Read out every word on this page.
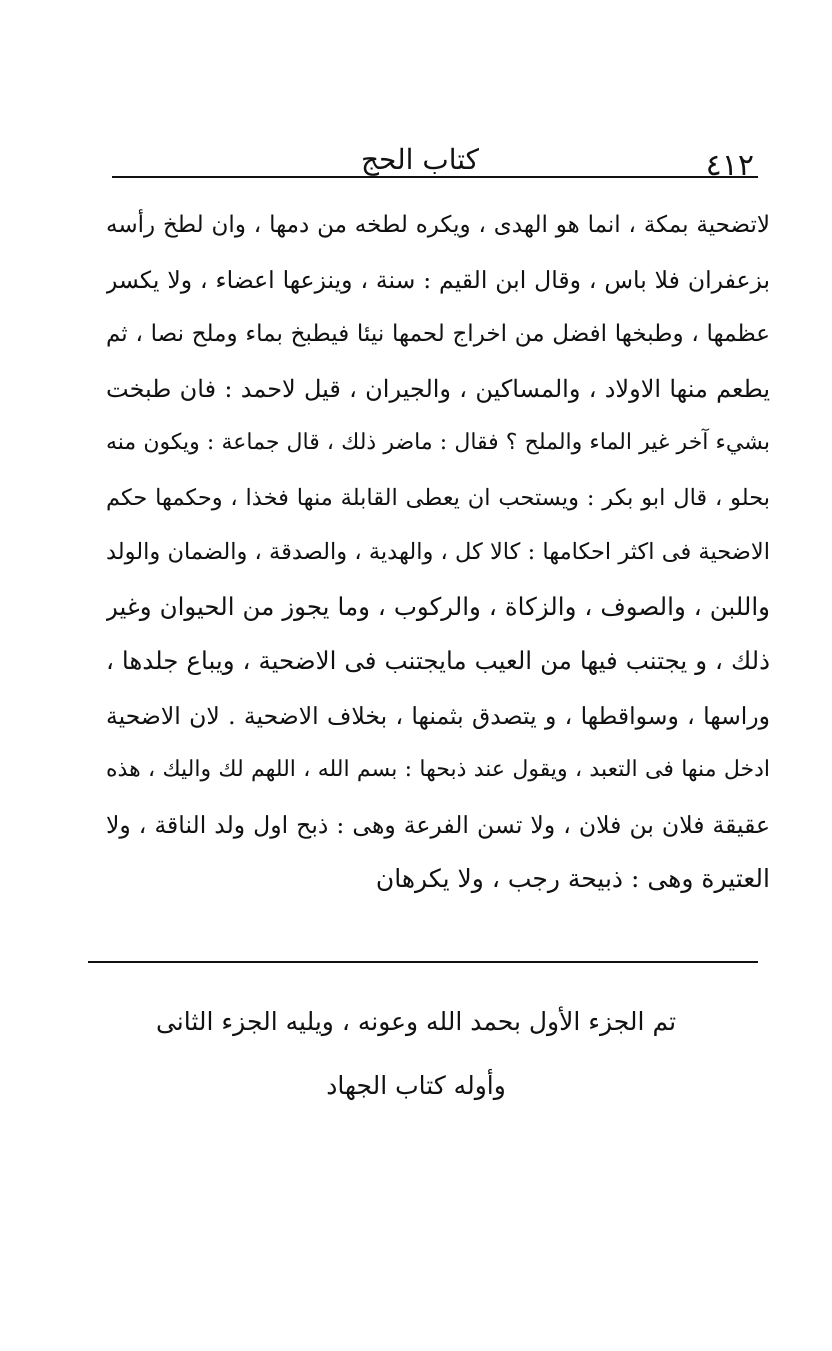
٤١٢
كتاب الحج
لاتضحية بمكة ، انما هو الهدى ، ويكره لطخه من دمها ، وان لطخ رأسه
بزعفران فلا باس ، وقال ابن القيم : سنة ، وينزعها اعضاء ، ولا يكسر
عظمها ، وطبخها افضل من اخراج لحمها نيئا فيطبخ بماء وملح نصا ، ثم
يطعم منها الاولاد ، والمساكين ، والجيران ، قيل لاحمد : فان طبخت
بشيء آخر غير الماء والملح ؟ فقال : ماضر ذلك ، قال جماعة : ويكون منه
بحلو ، قال ابو بكر : ويستحب ان يعطى القابلة منها فخذا ، وحكمها حكم
الاضحية فى اكثر احكامها : كالا كل ، والهدية ، والصدقة ، والضمان والولد
واللبن ، والصوف ، والزكاة ، والركوب ، وما يجوز من الحيوان وغير
ذلك ، و يجتنب فيها من العيب مايجتنب فى الاضحية ، ويباع جلدها ،
وراسها ، وسواقطها ، و يتصدق بثمنها ، بخلاف الاضحية . لان الاضحية
ادخل منها فى التعبد ، ويقول عند ذبحها : بسم الله ، اللهم لك واليك ، هذه
عقيقة فلان بن فلان ، ولا تسن الفرعة وهى : ذبح اول ولد الناقة ، ولا
العتيرة وهى : ذبيحة رجب ، ولا يكرهان
تم الجزء الأول بحمد الله وعونه ، ويليه الجزء الثانى
وأوله كتاب الجهاد
